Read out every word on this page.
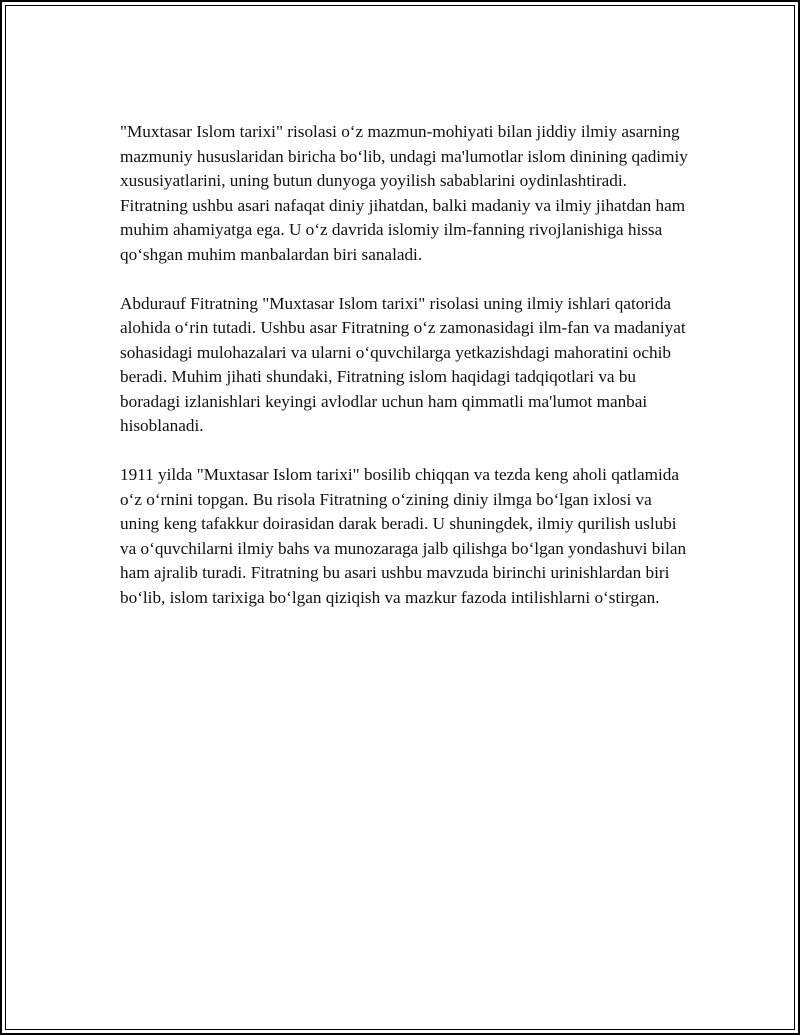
"Muxtasar Islom tarixi" risolasi o‘z mazmun-mohiyati bilan jiddiy ilmiy asarning mazmuniy hususlaridan biricha bo‘lib, undagi ma'lumotlar islom dinining qadimiy xususiyatlarini, uning butun dunyoga yoyilish sabablarini oydinlashtiradi. Fitratning ushbu asari nafaqat diniy jihatdan, balki madaniy va ilmiy jihatdan ham muhim ahamiyatga ega. U o‘z davrida islomiy ilm-fanning rivojlanishiga hissa qo‘shgan muhim manbalardan biri sanaladi.

Abdurauf Fitratning "Muxtasar Islom tarixi" risolasi uning ilmiy ishlari qatorida alohida o‘rin tutadi. Ushbu asar Fitratning o‘z zamonasidagi ilm-fan va madaniyat sohasidagi mulohazalari va ularni o‘quvchilarga yetkazishdagi mahoratini ochib beradi. Muhim jihati shundaki, Fitratning islom haqidagi tadqiqotlari va bu boradagi izlanishlari keyingi avlodlar uchun ham qimmatli ma'lumot manbai hisoblanadi.

1911 yilda "Muxtasar Islom tarixi" bosilib chiqqan va tezda keng aholi qatlamida o‘z o‘rnini topgan. Bu risola Fitratning o‘zining diniy ilmga bo‘lgan ixlosi va uning keng tafakkur doirasidan darak beradi. U shuningdek, ilmiy qurilish uslubi va o‘quvchilarni ilmiy bahs va munozaraga jalb qilishga bo‘lgan yondashuvi bilan ham ajralib turadi. Fitratning bu asari ushbu mavzuda birinchi urinishlardan biri bo‘lib, islom tarixiga bo‘lgan qiziqish va mazkur fazoda intilishlarni o‘stirgan.
